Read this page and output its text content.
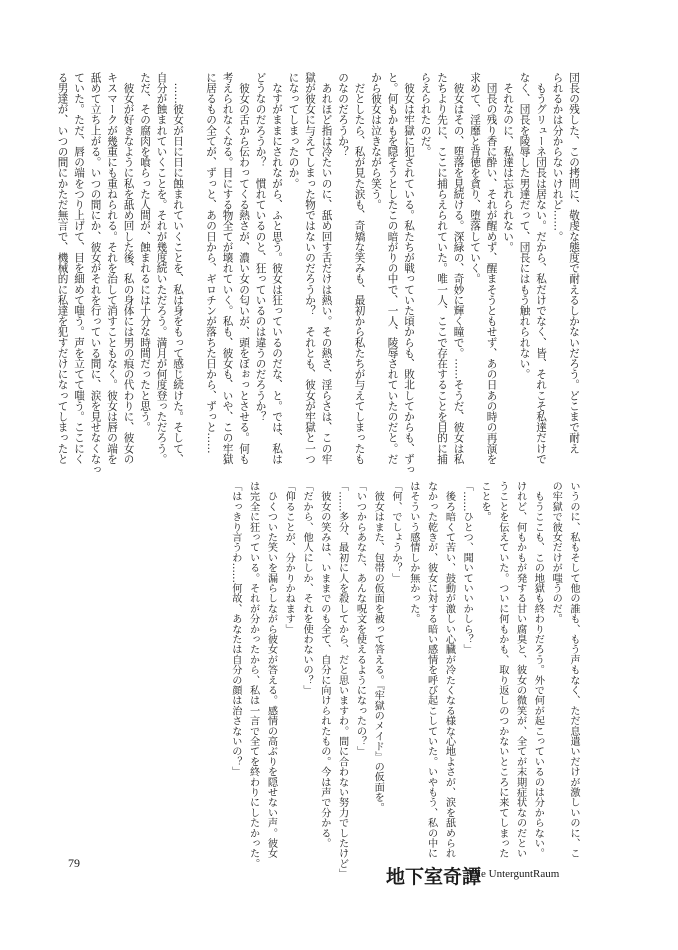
団長の残した、この拷問に、敬虔な態度で耐えるしかないだろう。どこまで耐え
られるかは分からないけれど……。
　もうグリューネ団長は居ない。だから、私だけでなく、皆、それこそ私達だけで
なく、団長を陵辱した男達だって、団長にはもう触れられない。
　それなのに、私達は忘れられない。
　団長の残り香に酔い、それが醒めず、醒まそうともせず、あの日あの時の再演を
求めて、淫靡と背徳を貪り、堕落していく。
　彼女はその、堕落を見続ける。深緑の、奇妙に輝く瞳で。……そうだ、彼女は私
たちより先に、ここに捕らえられていた。唯一人、ここで存在することを目的に捕
らえられたのだ。
　彼女は牢獄に犯されている。私たちが戦っていた頃からも、敗北してからも、ずっ
と。何もかもを隠そうとしたこの暗がりの中で、一人、陵辱されていたのだと。だ
から彼女は泣きながら笑う。
　だとしたら、私が見た涙も、奇矯な笑みも、最初から私たちが与えてしまったも
のなのだろうか？
　あれほど指は冷たいのに、舐め回す舌だけは熱い。その熱さ、淫らさは、この牢
獄が彼女に与えてしまった物ではないのだろうか？　それとも、彼女が牢獄と一つ
になってしまったのか。
　なすがままにされながら、ふと思う。彼女は狂っているのだな、と。では、私は
どうなのだろうか？　慣れているのと、狂っているのは違うのだろうか？
　彼女の舌から伝わってくる熱さが、濃い女の匂いが、頭をぼぉっとさせる。何も
考えられなくなる。目にする物全てが壊れていく。私も、彼女も、いや、この牢獄
に居るもの全てが、ずっと、あの日から、ギロチンが落ちた日から、ずっと……

　……彼女が日に日に蝕まれていくことを、私は身をもって感じ続けた。そして、
自分が蝕まれていくことを。それが幾度続いただろう。満月が何度登っただろう。
ただ、その腐肉を喰らった人間が、蝕まれるには十分な時間だったと思う。
　彼女が好きなように私を舐め回した後、私の身体には男の痕の代わりに、彼女の
キスマークが幾重にも重ねられる。それを治して消すこともなく。彼女は唇の端を
舐めて立ち上がる。いつの間にか、彼女がそれを行っている間に、涙を見せなくなっ
ていた。ただ、唇の端をつり上げて、目を細めて嗤う。声を立てて嗤う。ここにく
る男達が、いつの間にかただ無言で、機械的に私達を犯すだけになってしまったと
いうのに、私もそして他の誰も、もう声もなく、ただ息遣いだけが激しいのに、こ
の牢獄で彼女だけが嗤うのだ。
　もうここも、この地獄も終わりだろう。外で何が起こっているのは分からない。
けれど、何もかもが発する甘い腐臭と、彼女の微笑が、全てが末期症状なのだとい
うことを伝えていた。ついに何もかも、取り返しのつかないところに来てしまった
ことを。
「……ひとつ、聞いていいかしら？」
　後ろ暗くて苦い、鼓動が激しい心臓が冷たくなる様な心地よさが、涙を舐められ
なかった乾きが、彼女に対する暗い感情を呼び起こしていた。いやもう、私の中に
はそういう感情しか無かった。
「何、でしょうか？」
　彼女はまた、包帯の仮面を被って答える。『牢獄のメイド』の仮面を。
「いつからあなた、あんな呪文を使えるようになったの？」
「……多分、最初に人を殺してから、だと思いますわ。間に合わない努力でしたけど」
　彼女の笑みは、いままでのも全て、自分に向けられたもの。今は声で分かる。
「だから、他人にしか、それを使わないの？」
「仰ることが、分かりかねます」
　ひくついた笑いを漏らしながら彼女が答える。感情の高ぶりを隠せない声。彼女
は完全に狂っている。それが分かったから、私は一言で全てを終わりにしたかった。
「はっきり言うわ……何故、あなたは自分の顔は治さないの？」
79
地下室奇譚
Die UnterguntRaum
